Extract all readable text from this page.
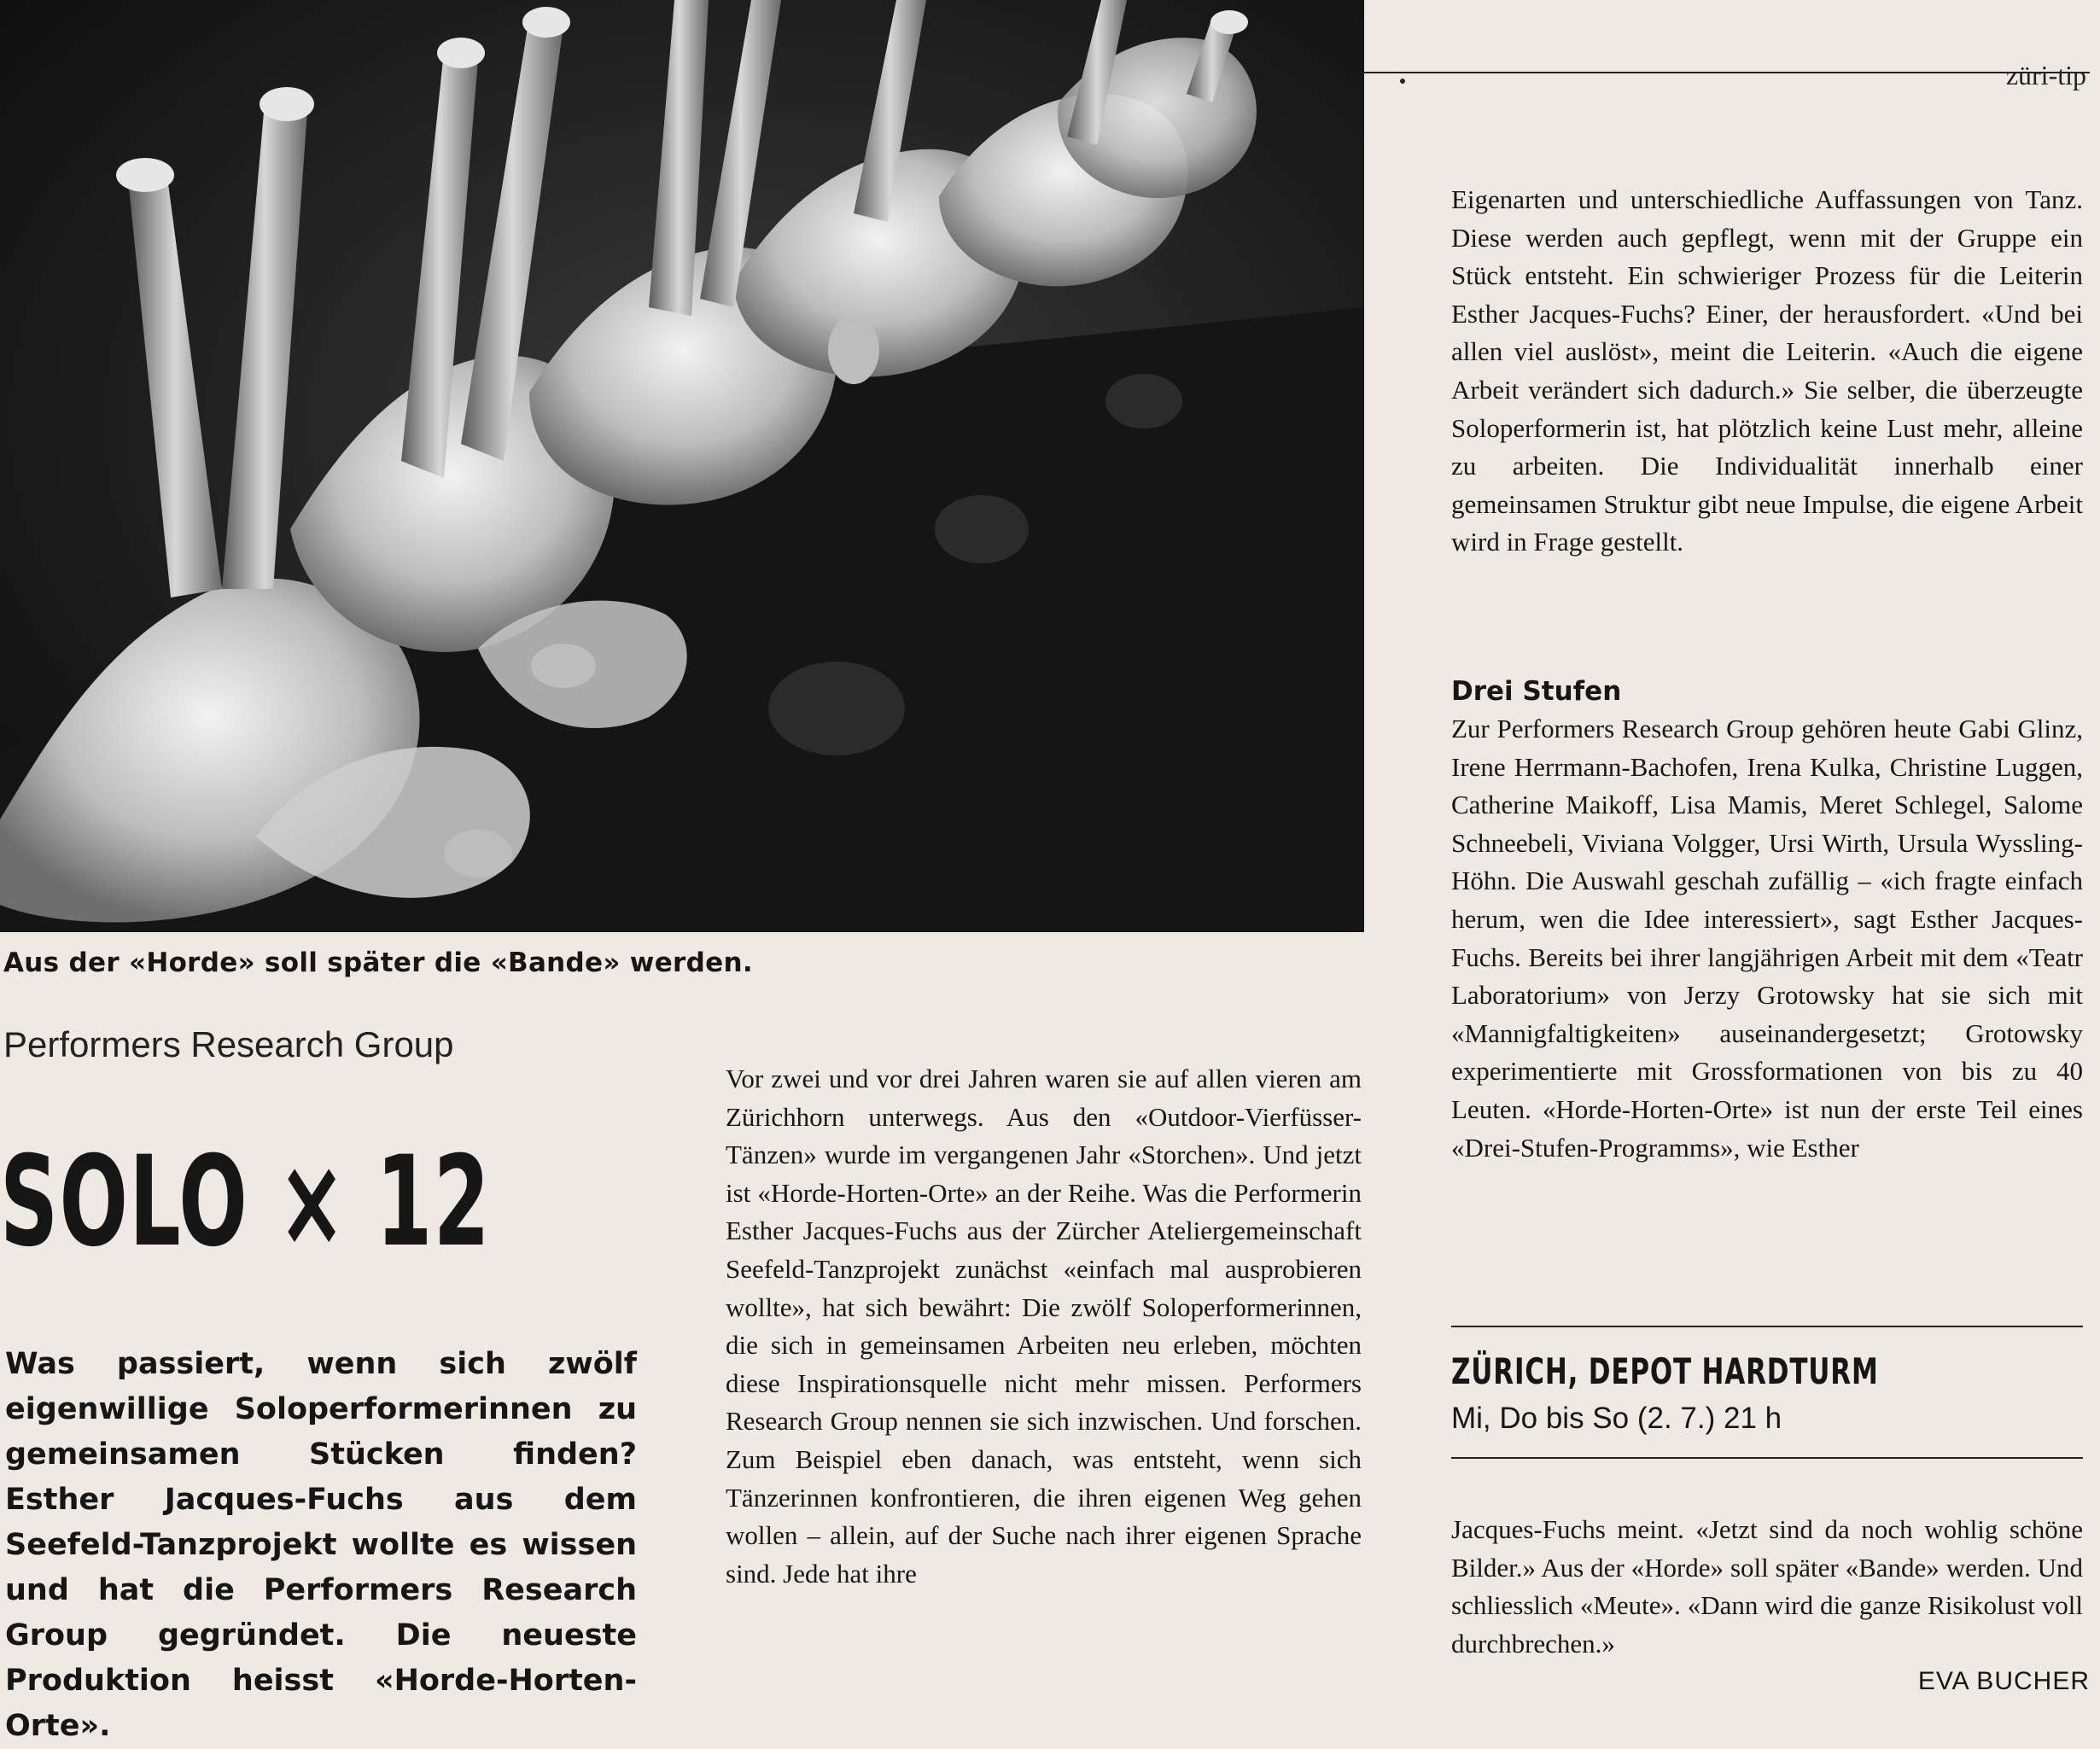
Aus der «Horde» soll später die «Bande» werden.
züri-tip
Performers Research Group
SOLO × 12
Was passiert, wenn sich zwölf eigenwillige Soloperformerinnen zu gemeinsamen Stücken finden? Esther Jacques-Fuchs aus dem Seefeld-Tanzprojekt wollte es wissen und hat die Performers Research Group gegründet. Die neueste Produktion heisst «Horde-Horten-Orte».

Vor zwei und vor drei Jahren waren sie auf allen vieren am Zürichhorn unterwegs. Aus den «Outdoor-Vierfüsser-Tänzen» wurde im vergangenen Jahr «Storchen». Und jetzt ist «Horde-Horten-Orte» an der Reihe. Was die Performerin Esther Jacques-Fuchs aus der Zürcher Ateliergemeinschaft Seefeld-Tanzprojekt zunächst «einfach mal ausprobieren wollte», hat sich bewährt: Die zwölf Soloperformerinnen, die sich in gemeinsamen Arbeiten neu erleben, möchten diese Inspirationsquelle nicht mehr missen. Performers Research Group nennen sie sich inzwischen. Und forschen. Zum Beispiel eben danach, was entsteht, wenn sich Tänzerinnen konfrontieren, die ihren eigenen Weg gehen wollen – allein, auf der Suche nach ihrer eigenen Sprache sind. Jede hat ihre

Eigenarten und unterschiedliche Auffassungen von Tanz. Diese werden auch gepflegt, wenn mit der Gruppe ein Stück entsteht. Ein schwieriger Prozess für die Leiterin Esther Jacques-Fuchs? Einer, der herausfordert. «Und bei allen viel auslöst», meint die Leiterin. «Auch die eigene Arbeit verändert sich dadurch.» Sie selber, die überzeugte Soloperformerin ist, hat plötzlich keine Lust mehr, alleine zu arbeiten. Die Individualität innerhalb einer gemeinsamen Struktur gibt neue Impulse, die eigene Arbeit wird in Frage gestellt.

Drei Stufen

Zur Performers Research Group gehören heute Gabi Glinz, Irene Herrmann-Bachofen, Irena Kulka, Christine Luggen, Catherine Maikoff, Lisa Mamis, Meret Schlegel, Salome Schneebeli, Viviana Volgger, Ursi Wirth, Ursula Wyssling-Höhn. Die Auswahl geschah zufällig – «ich fragte einfach herum, wen die Idee interessiert», sagt Esther Jacques-Fuchs. Bereits bei ihrer langjährigen Arbeit mit dem «Teatr Laboratorium» von Jerzy Grotowsky hat sie sich mit «Mannigfaltigkeiten» auseinandergesetzt; Grotowsky experimentierte mit Grossformationen von bis zu 40 Leuten. «Horde-Horten-Orte» ist nun der erste Teil eines «Drei-Stufen-Programms», wie Esther

ZÜRICH, DEPOT HARDTURM
Mi, Do bis So (2. 7.) 21 h

Jacques-Fuchs meint. «Jetzt sind da noch wohlig schöne Bilder.» Aus der «Horde» soll später «Bande» werden. Und schliesslich «Meute». «Dann wird die ganze Risikolust voll durchbrechen.»

EVA BUCHER
